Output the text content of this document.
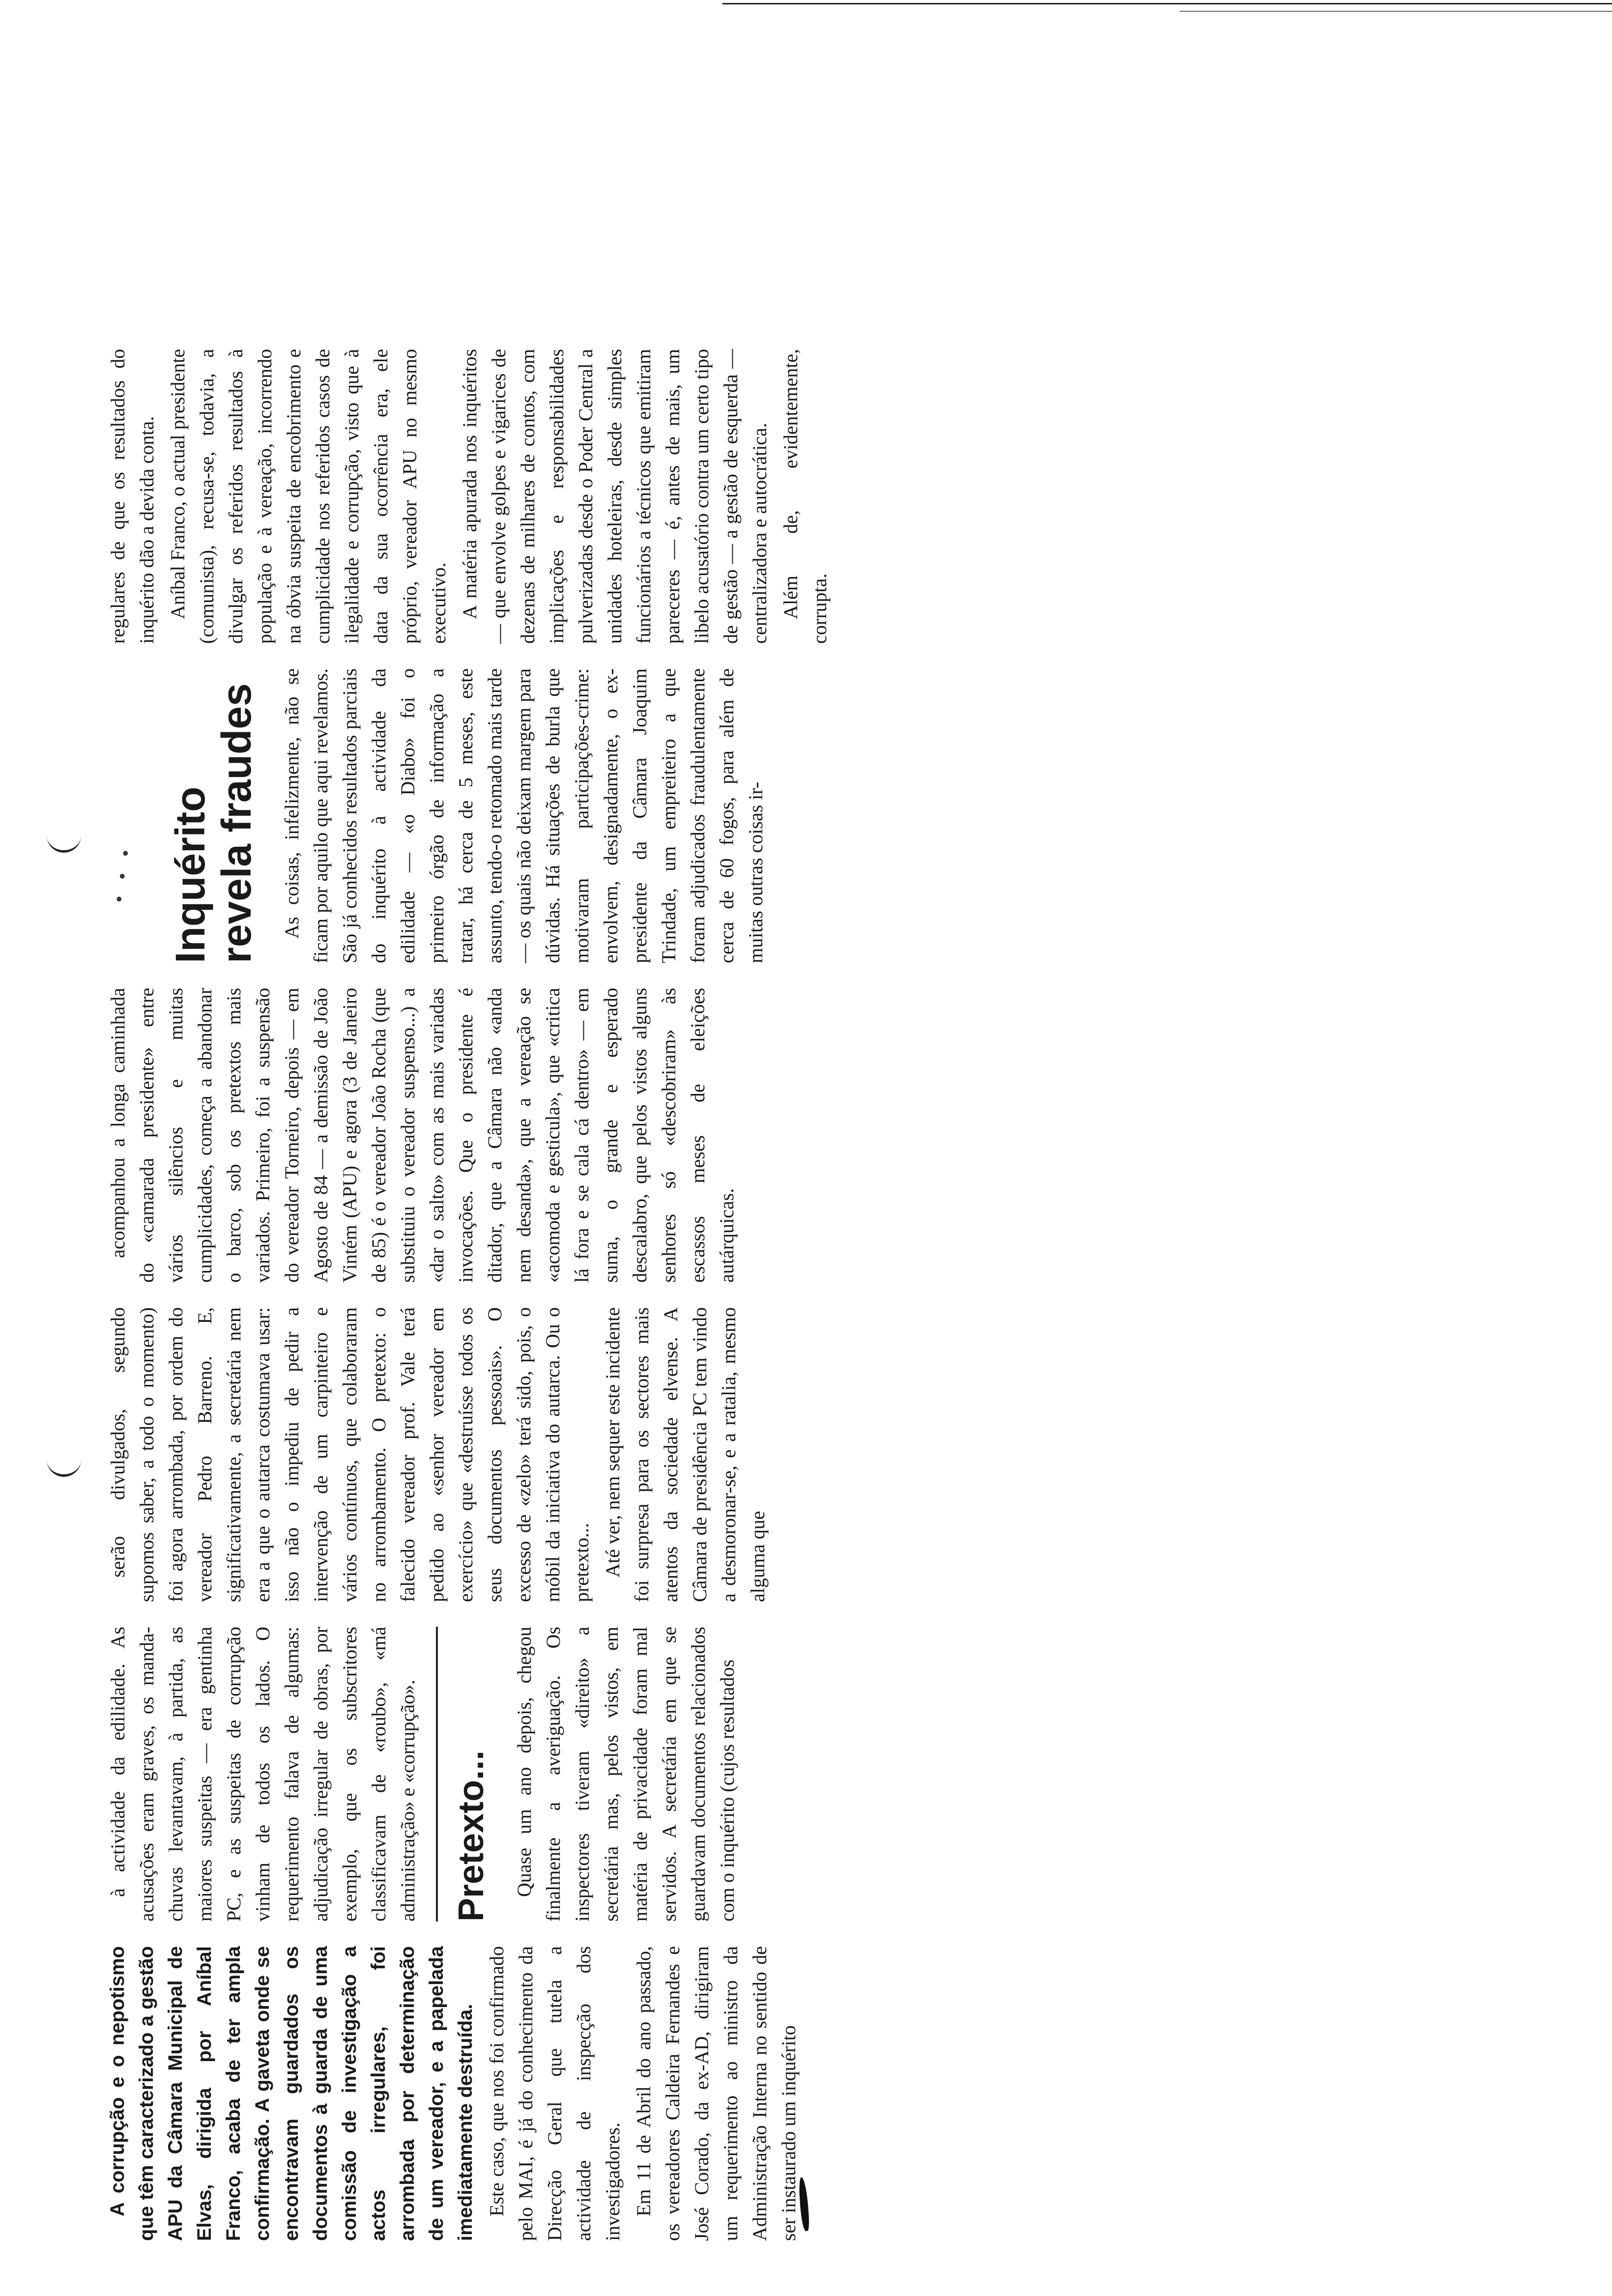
A corrupção e o nepotismo que têm caracterizado a gestão APU da Câmara Municipal de Elvas, dirigida por Aníbal Franco, acaba de ter ampla confirmação. A gaveta onde se encontravam guardados os documentos à guarda de uma comissão de investigação a actos irregulares, foi arrombada por determinação de um vereador, e a papelada imediatamente destruída. Este caso, que nos foi confirmado pelo MAI, é já do conhecimento da Direcção Geral que tutela a actividade de inspecção dos investigadores. Em 11 de Abril do ano passado, os vereadores Caldeira Fernandes e José Corado, da ex-AD, dirigiram um requerimento ao ministro da Administração Interna no sentido de ser instaurado um inquérito

à actividade da edilidade. As acusações eram graves, os manda-chuvas levantavam, à partida, as maiores suspeitas — era gentinha PC, e as suspeitas de corrupção vinham de todos os lados. O requerimento falava de algumas: adjudicação irregular de obras, por exemplo, que os subscritores classificavam de «roubo», «má administração» e «corrupção». Pretexto... Quase um ano depois, chegou finalmente a averiguação. Os inspectores tiveram «direito» a secretária mas, pelos vistos, em matéria de privacidade foram mal servidos. A secretária em que se guardavam documentos relacionados com o inquérito (cujos resultados

serão divulgados, segundo supomos saber, a todo o momento) foi agora arrombada, por ordem do vereador Pedro Barreno. E, significativamente, a secretária nem era a que o autarca costumava usar: isso não o impediu de pedir a intervenção de um carpinteiro e vários contínuos, que colaboraram no arrombamento. O pretexto: o falecido vereador prof. Vale terá pedido ao «senhor vereador em exercício» que «destruísse todos os seus documentos pessoais». O excesso de «zelo» terá sido, pois, o móbil da iniciativa do autarca. Ou o pretexto... Até ver, nem sequer este incidente foi surpresa para os sectores mais atentos da sociedade elvense. A Câmara de presidência PC tem vindo a desmoronar-se, e a ratalia, mesmo alguma que

acompanhou a longa caminhada do «camarada presidente» entre vários silêncios e muitas cumplicidades, começa a abandonar o barco, sob os pretextos mais variados. Primeiro, foi a suspensão do vereador Torneiro, depois — em Agosto de 84 — a demissão de João Vintém (APU) e agora (3 de Janeiro de 85) é o vereador João Rocha (que substituiu o vereador suspenso...) a «dar o salto» com as mais variadas invocações. Que o presidente é ditador, que a Câmara não «anda nem desanda», que a vereação se «acomoda e gesticula», que «critica lá fora e se cala cá dentro» — em suma, o grande e esperado descalabro, que pelos vistos alguns senhores só «descobriram» às escassos meses de eleições autárquicas.

· · · Inquérito revela fraudes As coisas, infelizmente, não se ficam por aquilo que aqui revelamos. São já conhecidos resultados parciais do inquérito à actividade da edilidade — «o Diabo» foi o primeiro órgão de informação a tratar, há cerca de 5 meses, este assunto, tendo-o retomado mais tarde — os quais não deixam margem para dúvidas. Há situações de burla que motivaram participações-crime: envolvem, designadamente, o ex-presidente da Câmara Joaquim Trindade, um empreiteiro a que foram adjudicados fraudulentamente cerca de 60 fogos, para além de muitas outras coisas ir-

regulares de que os resultados do inquérito dão a devida conta. Aníbal Franco, o actual presidente (comunista), recusa-se, todavia, a divulgar os referidos resultados à população e à vereação, incorrendo na óbvia suspeita de encobrimento e cumplicidade nos referidos casos de ilegalidade e corrupção, visto que à data da sua ocorrência era, ele próprio, vereador APU no mesmo executivo. A matéria apurada nos inquéritos — que envolve golpes e vigarices de dezenas de milhares de contos, com implicações e responsabilidades pulverizadas desde o Poder Central a unidades hoteleiras, desde simples funcionários a técnicos que emitiram pareceres — é, antes de mais, um libelo acusatório contra um certo tipo de gestão — a gestão de esquerda — centralizadora e autocrática. Além de, evidentemente, corrupta.
